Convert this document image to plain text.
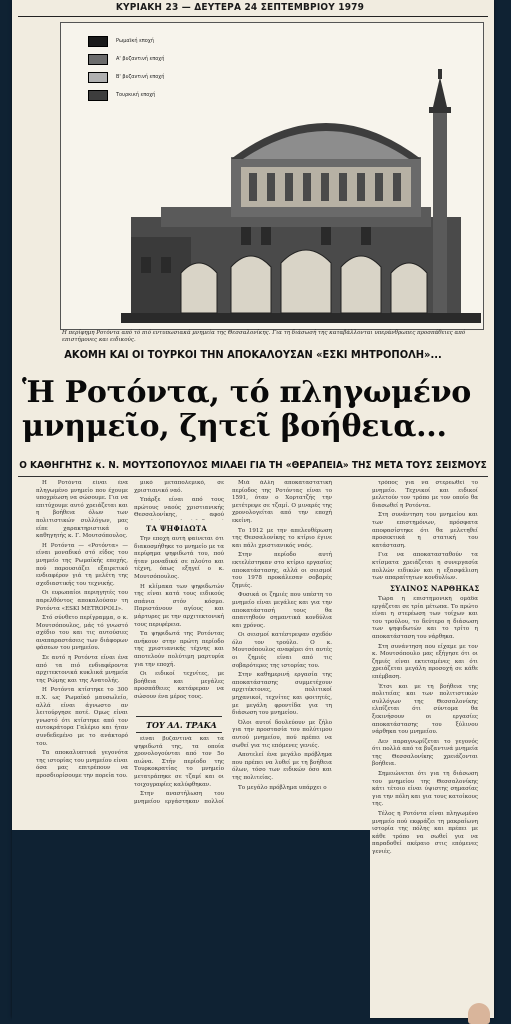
ΚΥΡΙΑΚΗ 23 — ΔΕΥΤΕΡΑ 24 ΣΕΠΤΕΜΒΡΙΟΥ 1979
Ρωμαϊκή εποχή
Α' βυζαντινή εποχή
Β' βυζαντινή εποχή
Τουρκική εποχή
Η περίφημη Ροτόντα από τό πιό εντυπωσιακά μνημεία της Θεσσαλονίκης. Για τη διάσωσή της καταβάλλονται υπεράνθρωπες προσπάθειες από επιστήμονες και ειδικούς.
ΑΚΟΜΗ ΚΑΙ ΟΙ ΤΟΥΡΚΟΙ ΤΗΝ ΑΠΟΚΑΛΟΥΣΑΝ «ΕΣΚΙ ΜΗΤΡΟΠΟΛΗ»...
Ἡ Ροτόντα, τό πληγωμένο μνημεῖο, ζητεῖ βοήθεια...
Ο ΚΑΘΗΓΗΤΗΣ κ. Ν. ΜΟΥΤΣΟΠΟΥΛΟΣ ΜΙΛΑΕΙ ΓΙΑ ΤΗ «ΘΕΡΑΠΕΙΑ» ΤΗΣ ΜΕΤΑ ΤΟΥΣ ΣΕΙΣΜΟΥΣ

Η Ροτόντα είναι ένα πληγωμένο μνημείο που έχουμε υποχρέωση να σώσουμε. Για να επιτύχουμε αυτό χρειάζεται και η βοήθεια όλων των πολιτιστικών συλλόγων, μας είπε χαρακτηριστικά ο καθηγητής κ. Γ. Μουτσόπουλος.

Η Ροτόντα — «Ροτόντα» — είναι μοναδικό στό είδος του μνημείο της Ρωμαϊκής εποχής, πού παρουσιάζει εξαιρετικό ενδιαφέρον γιά τη μελέτη της σχεδιαστικής του τεχνικής.

Οι ευρωπαίοι περιηγητές του παρελθόντος αποκαλούσαν τη Ροτόντα «ESKI METROPOLI».

Στό σύνθετο περίγραμμα, ο κ. Μουτσόπουλος, μάς τό γνωστό σχέδιο του και τις αυτούσιες αναπαραστάσεις των διάφορων φάσεων του μνημείου.

Σε αυτό η Ροτόντα είναι ένα από τα πιό ενδιαφέροντα αρχιτεκτονικά κυκλικά μνημεία της Ρώμης και της Ανατολής.

Η Ροτόντα κτίστηκε το 300 π.Χ. ως Ρωμαϊκό μαυσωλείο, αλλά είναι άγνωστο αν λειτούργησε ποτέ. Ομως είναι γνωστό ότι κτίστηκε από τον αυτοκράτορα Γαλέριο και ήταν συνδεδεμένο με το ανάκτορό του.

Τα αποκαλυπτικά γεγονότα της ιστορίας του μνημείου είναι όσα μας επιτρέπουν να προσδιορίσουμε την πορεία του.

μικό μεταπολεμικό, σε χριστιανικό ναό.

Υπάρξε είναι από τους πρώτους ναούς χριστιανικής Θεσσαλονίκης, αφού

ΤΑ ΨΗΦΙΔΩΤΑ

Την εποχή αυτή φαίνεται ότι διακοσμήθηκε το μνημείο με τα περίφημα ψηφιδωτά του, πού ήταν μοναδικά σε πλούτο και τέχνη, όπως εξηγεί ο κ. Μουτσόπουλος.

Η κλίμακα των ψηφιδωτών της είναι κατά τους ειδικούς σπάνια στόν κόσμο. Παριστάνουν αγίους και μάρτυρες με την αρχιτεκτονική τους περιφέρεια.

Τα ψηφιδωτά της Ροτόντας ανήκουν στην πρώτη περίοδο της χριστιανικής τέχνης και αποτελούν πολύτιμη μαρτυρία για την εποχή.

Οι ειδικοί τεχνίτες, με βοήθεια και μεγάλες προσπάθειες κατάφεραν να σώσουν ένα μέρος τους.

ΤΟΥ ΑΛ. ΤΡΑΚΑ

είναι βυζαντινά και τα ψηφιδωτά της, τα οποία χρονολογούνται από τον 5ο αιώνα. Στήν περίοδο της Τουρκοκρατίας το μνημείο μετατράπηκε σε τζαμί και οι τοιχογραφίες καλύφθηκαν.

Στην αναστήλωση του μνημείου εργάστηκαν πολλοί

Μιά άλλη αποκαταστατική περίοδος της Ροτόντας είναι το 1591, όταν ο Χορτατζής την μετέτρεψε σε τζαμί. Ο μιναρές της χρονολογείται από την εποχή εκείνη.

Το 1912 με την απελευθέρωση της Θεσσαλονίκης το κτίριο έγινε και πάλι χριστιανικός ναός.

Στην περίοδο αυτή εκτελέστηκαν στο κτίριο εργασίες αποκατάστασης, αλλά οι σεισμοί του 1978 προκάλεσαν σοβαρές ζημιές.

Φυσικά οι ζημιές που υπέστη το μνημείο είναι μεγάλες και για την αποκατάστασή τους θα απαιτηθούν σημαντικά κονδύλια και χρόνος.

Οι σεισμοί κατέστρεψαν σχεδόν όλο τον τρούλο. Ο κ. Μουτσόπουλος αναφέρει ότι αυτές οι ζημιές είναι από τις σοβαρότερες της ιστορίας του.

Στην καθημερινή εργασία της αποκατάστασης συμμετέχουν αρχιτέκτονες, πολιτικοί μηχανικοί, τεχνίτες και φοιτητές, με μεγάλη φροντίδα για τη διάσωση του μνημείου.

Όλοι αυτοί δουλεύουν με ζήλο για την προστασία του πολύτιμου αυτού μνημείου, πού πρέπει να σωθεί για τις επόμενες γενιές.

Αποτελεί ένα μεγάλο πρόβλημα που πρέπει να λυθεί με τη βοήθεια όλων, τόσο των ειδικών όσο και της πολιτείας.

Το μεγάλο πρόβλημα υπάρχει ο

τρόπος για να στερεωθεί το μνημείο. Τεχνικοί και ειδικοί μελετούν τον τρόπο με τον οποίο θα διασωθεί η Ροτόντα.

Στη συνάντηση του μνημείου και των επιστημόνων, πρόσφατα αποφασίστηκε ότι θα μελετηθεί προσεκτικά η στατική του κατάσταση.

Για να αποκατασταθούν τα κτίσματα χρειάζεται η συνεργασία πολλών ειδικών και η εξασφάλιση των απαραίτητων κονδυλίων.

ΣΥΛΙΝΟΣ ΝΑΡΘΗΚΑΣ

Τώρα η επιστημονική ομάδα εργάζεται σε τρία μέτωπα. Το πρώτο είναι η στερέωση των τοίχων και του τρούλου, το δεύτερο η διάσωση των ψηφιδωτών και το τρίτο η αποκατάσταση του νάρθηκα.

Στη συνάντηση που είχαμε με τον κ. Μουτσόπουλο μας εξήγησε ότι οι ζημιές είναι εκτεταμένες και ότι χρειάζεται μεγάλη προσοχή σε κάθε επέμβαση.

Έτσι και με τη βοήθεια της πολιτείας και των πολιτιστικών συλλόγων της Θεσσαλονίκης ελπίζεται ότι σύντομα θα ξεκινήσουν οι εργασίες αποκατάστασης του ξύλινου νάρθηκα του μνημείου.

Δεν παραγνωρίζεται το γεγονός ότι πολλά από τα βυζαντινά μνημεία της Θεσσαλονίκης χρειάζονται βοήθεια.

Σημειώνεται ότι για τη διάσωση του μνημείου της Θεσσαλονίκης κάτι τέτοιο είναι ύψιστης σημασίας για την πόλη και για τους κατοίκους της.

Τέλος η Ροτόντα είναι πληγωμένο μνημείο πού εκφράζει τη μακραίωνη ιστορία της πόλης και πρέπει με κάθε τρόπο να σωθεί για να παραδοθεί ακέραιο στις επόμενες γενιές.
